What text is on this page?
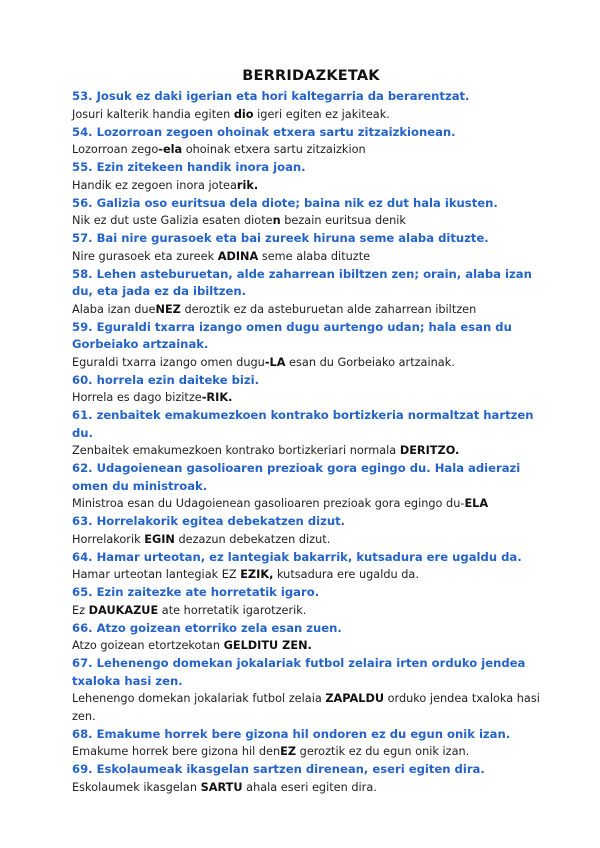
BERRIDAZKETAK

53. Josuk ez daki igerian eta hori kaltegarria da berarentzat.

Josuri kalterik handia egiten dio igeri egiten ez jakiteak.

54. Lozorroan zegoen ohoinak etxera sartu zitzaizkionean.

Lozorroan zego-ela ohoinak etxera sartu zitzaizkion

55. Ezin zitekeen handik inora joan.

Handik ez zegoen inora jotearik.

56. Galizia oso euritsua dela diote; baina nik ez dut hala ikusten.

Nik ez dut uste Galizia esaten dioten bezain euritsua denik

57. Bai nire gurasoek eta bai zureek hiruna seme alaba dituzte.

Nire gurasoek eta zureek ADINA seme alaba dituzte

58. Lehen asteburuetan, alde zaharrean ibiltzen zen; orain, alaba izan du, eta jada ez da ibiltzen.

Alaba izan dueNEZ deroztik ez da asteburuetan alde zaharrean ibiltzen

59. Eguraldi txarra izango omen dugu aurtengo udan; hala esan du Gorbeiako artzainak.

Eguraldi txarra izango omen dugu-LA esan du Gorbeiako artzainak.

60. horrela ezin daiteke bizi.

Horrela es dago bizitze-RIK.

61. zenbaitek emakumezkoen kontrako bortizkeria normaltzat hartzen du.

Zenbaitek emakumezkoen kontrako bortizkeriari normala DERITZO.

62. Udagoienean gasolioaren prezioak gora egingo du. Hala adierazi omen du ministroak.

Ministroa esan du Udagoienean gasolioaren prezioak gora egingo du-ELA

63. Horrelakorik egitea debekatzen dizut.

Horrelakorik EGIN dezazun debekatzen dizut.

64. Hamar urteotan, ez lantegiak bakarrik, kutsadura ere ugaldu da.

Hamar urteotan lantegiak EZ EZIK, kutsadura ere ugaldu da.

65. Ezin zaitezke ate horretatik igaro.

Ez DAUKAZUE ate horretatik igarotzerik.

66. Atzo goizean etorriko zela esan zuen.

Atzo goizean etortzekotan GELDITU ZEN.

67. Lehenengo domekan jokalariak futbol zelaira irten orduko jendea txaloka hasi zen.

Lehenengo domekan jokalariak futbol zelaia ZAPALDU orduko jendea txaloka hasi zen.

68. Emakume horrek bere gizona hil ondoren ez du egun onik izan.

Emakume horrek bere gizona hil denEZ geroztik ez du egun onik izan.

69. Eskolaumeak ikasgelan sartzen direnean, eseri egiten dira.

Eskolaumek ikasgelan SARTU ahala eseri egiten dira.
